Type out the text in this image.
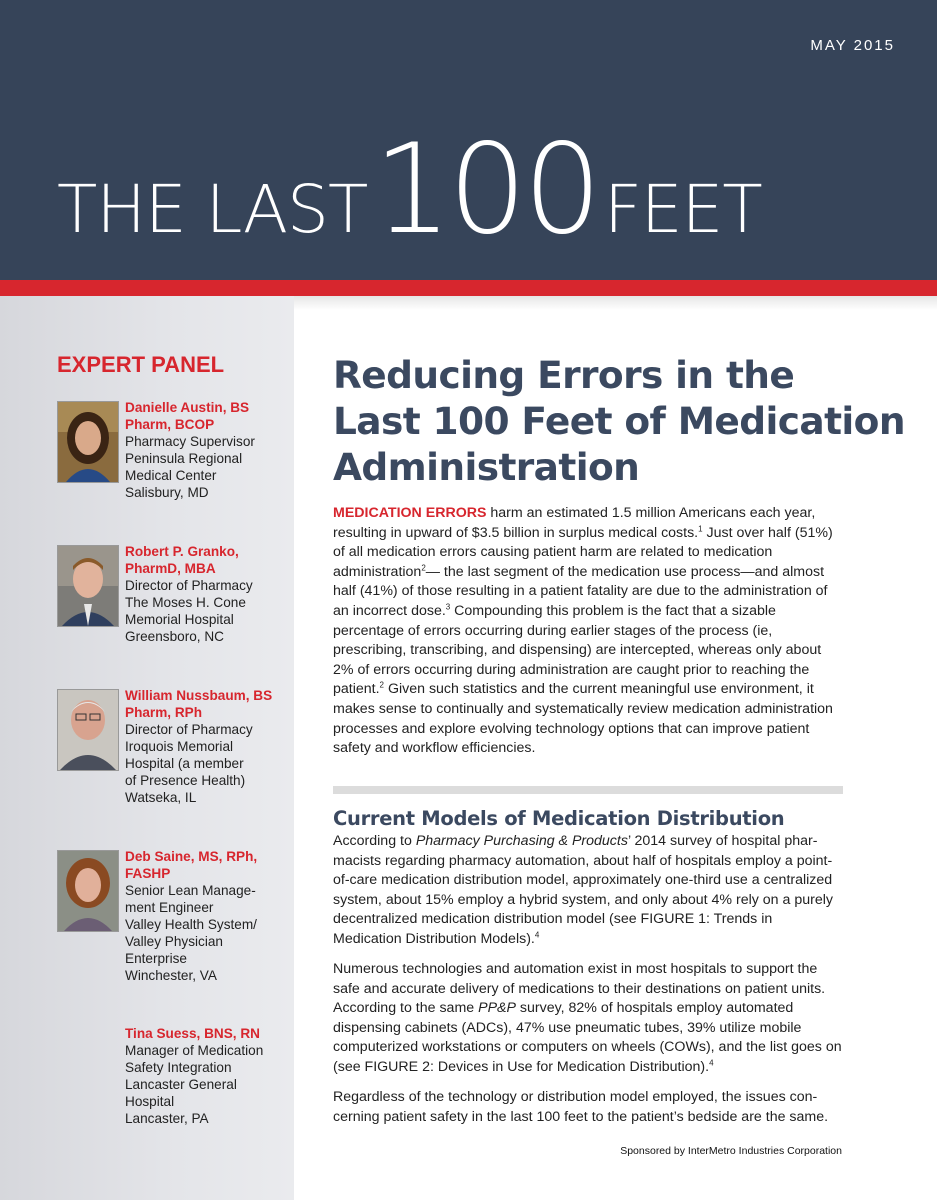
MAY 2015
THE LAST100FEET
EXPERT PANEL
Danielle Austin, BS
Pharm, BCOP
Pharmacy Supervisor
Peninsula Regional
Medical Center
Salisbury, MD
Robert P. Granko,
PharmD, MBA
Director of Pharmacy
The Moses H. Cone
Memorial Hospital
Greensboro, NC
William Nussbaum, BS
Pharm, RPh
Director of Pharmacy
Iroquois Memorial
Hospital (a member
of Presence Health)
Watseka, IL
Deb Saine, MS, RPh,
FASHP
Senior Lean Manage-
ment Engineer
Valley Health System/
Valley Physician
Enterprise
Winchester, VA
Tina Suess, BNS, RN
Manager of Medication
Safety Integration
Lancaster General
Hospital
Lancaster, PA
Reducing Errors in the
Last 100 Feet of Medication
Administration
MEDICATION ERRORS harm an estimated 1.5 million Americans each year, resulting in upward of $3.5 billion in surplus medical costs.$^1$ Just over half (51%) of all medication errors causing patient harm are related to medication administration$^2$— the last segment of the medication use process—and almost half (41%) of those resulting in a patient fatality are due to the administration of an incorrect dose.$^3$ Compounding this problem is the fact that a sizable percentage of errors occurring during earlier stages of the process (ie, prescribing, transcribing, and dispensing) are intercepted, whereas only about 2% of errors occurring during administration are caught prior to reaching the patient.$^2$ Given such statistics and the current meaningful use environment, it makes sense to continually and systematically review medication administration processes and explore evolving technology options that can improve patient safety and workflow efficiencies.
Current Models of Medication Distribution
According to Pharmacy Purchasing & Products’ 2014 survey of hospital pharmacists regarding pharmacy automation, about half of hospitals employ a point-of-care medication distribution model, approximately one-third use a centralized system, about 15% employ a hybrid system, and only about 4% rely on a purely decentralized medication distribution model (see FIGURE 1: Trends in Medication Distribution Models).$^4$
Numerous technologies and automation exist in most hospitals to support the safe and accurate delivery of medications to their destinations on patient units. According to the same PP&P survey, 82% of hospitals employ automated dispensing cabinets (ADCs), 47% use pneumatic tubes, 39% utilize mobile computerized workstations or computers on wheels (COWs), and the list goes on (see FIGURE 2: Devices in Use for Medication Distribution).$^4$
Regardless of the technology or distribution model employed, the issues concerning patient safety in the last 100 feet to the patient’s bedside are the same.
Sponsored by InterMetro Industries Corporation
